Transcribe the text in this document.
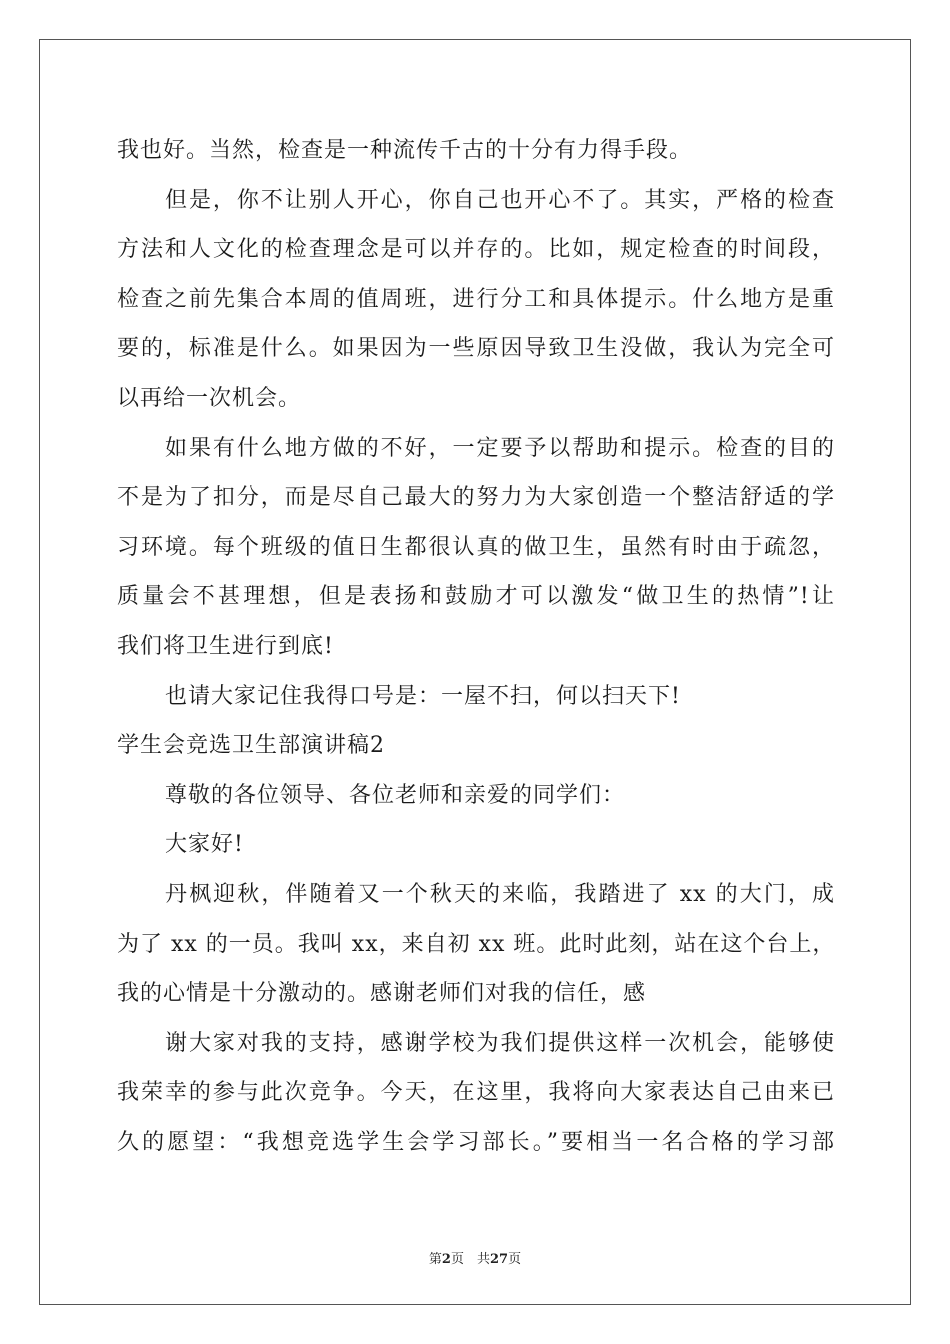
我也好。当然，检查是一种流传千古的十分有力得手段。
但是，你不让别人开心，你自己也开心不了。其实，严格的检查
方法和人文化的检查理念是可以并存的。比如，规定检查的时间段，
检查之前先集合本周的值周班，进行分工和具体提示。什么地方是重
要的，标准是什么。如果因为一些原因导致卫生没做，我认为完全可
以再给一次机会。
如果有什么地方做的不好，一定要予以帮助和提示。检查的目的
不是为了扣分，而是尽自己最大的努力为大家创造一个整洁舒适的学
习环境。每个班级的值日生都很认真的做卫生，虽然有时由于疏忽，
质量会不甚理想，但是表扬和鼓励才可以激发“做卫生的热情”!让
我们将卫生进行到底!
也请大家记住我得口号是：一屋不扫，何以扫天下!
学生会竞选卫生部演讲稿2
尊敬的各位领导、各位老师和亲爱的同学们：
大家好!
丹枫迎秋，伴随着又一个秋天的来临，我踏进了 xx 的大门，成
为了 xx 的一员。我叫 xx，来自初 xx 班。此时此刻，站在这个台上，
我的心情是十分激动的。感谢老师们对我的信任，感
谢大家对我的支持，感谢学校为我们提供这样一次机会，能够使
我荣幸的参与此次竞争。今天，在这里，我将向大家表达自己由来已
久的愿望：“我想竞选学生会学习部长。”要相当一名合格的学习部
第2页　共27页
